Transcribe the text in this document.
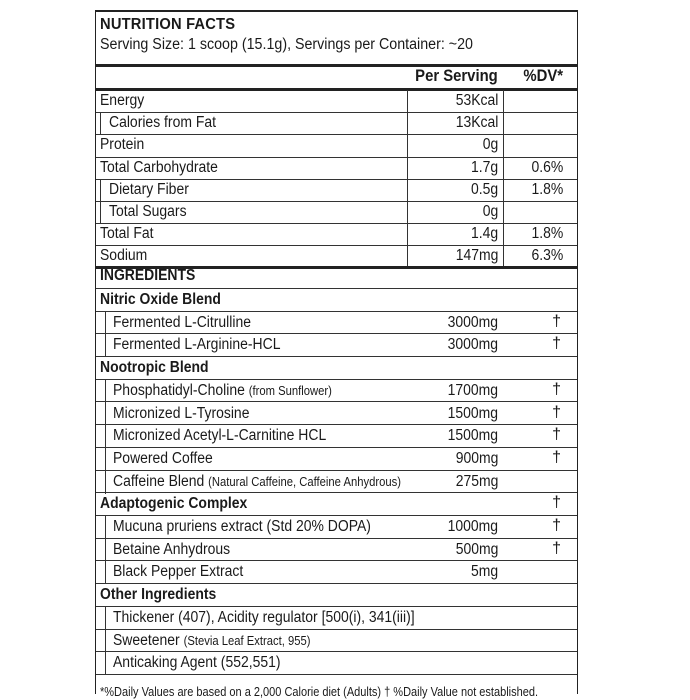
NUTRITION FACTS
Serving Size: 1 scoop (15.1g), Servings per Container: ~20
Per Serving %DV*
INGREDIENTS
*%Daily Values are based on a 2,000 Calorie diet (Adults) † %Daily Value not established.
Energy	53Kcal
Calories from Fat	13Kcal
Protein	0g
Total Carbohydrate	1.7g 0.6%
Dietary Fiber	0.5g 1.8%
Total Sugars	0g
Total Fat	1.4g 1.8%
Sodium	147mg 6.3%
Nitric Oxide Blend
Fermented L-Citrulline	3000mg	†
Fermented L-Arginine-HCL	3000mg	†
Nootropic Blend
Phosphatidyl-Choline (from Sunflower)	1700mg	†
Micronized L-Tyrosine	1500mg	†
Micronized Acetyl-L-Carnitine HCL	1500mg	†
Powered Coffee	900mg	†
Caffeine Blend (Natural Caffeine, Caffeine Anhydrous)	275mg
Adaptogenic Complex	†
Mucuna pruriens extract (Std 20% DOPA)	1000mg	†
Betaine Anhydrous	500mg	†
Black Pepper Extract	5mg
Other Ingredients
Thickener (407), Acidity regulator [500(i), 341(iii)]
Sweetener (Stevia Leaf Extract, 955)
Anticaking Agent (552,551)
